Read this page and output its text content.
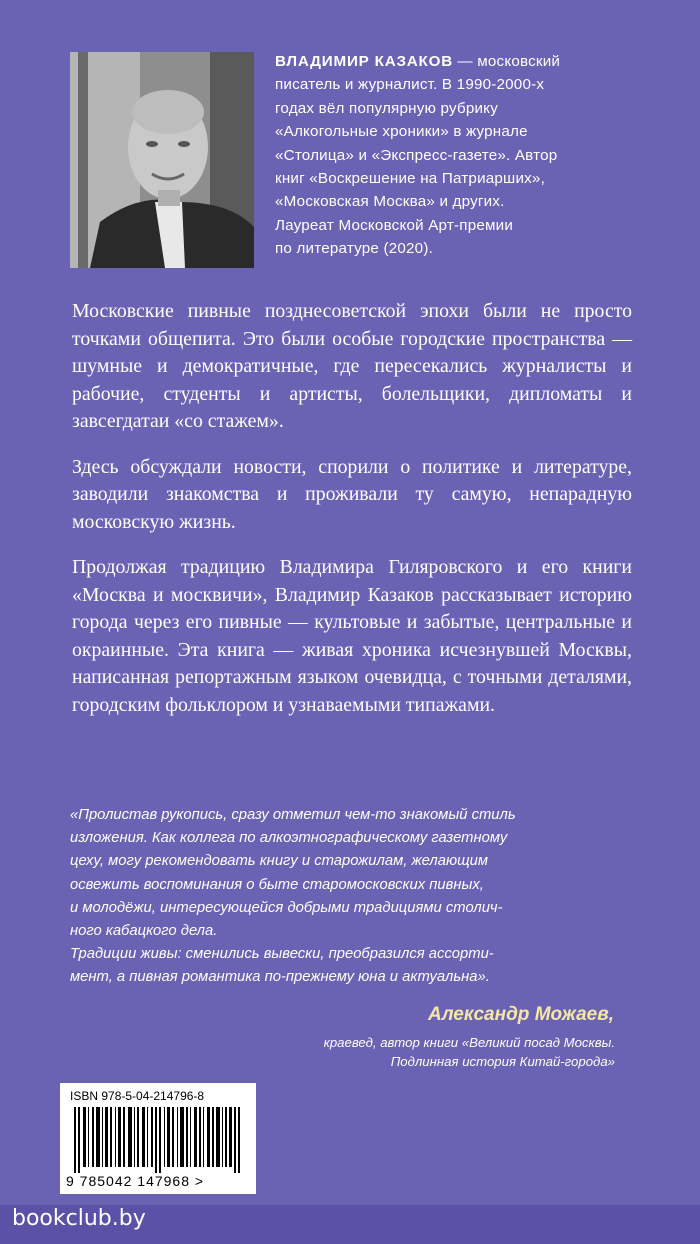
ВЛАДИМИР КАЗАКОВ — московский
писатель и журналист. В 1990-2000-х
годах вёл популярную рубрику
«Алкогольные хроники» в журнале
«Столица» и «Экспресс-газете». Автор
книг «Воскрешение на Патриарших»,
«Московская Москва» и других.
Лауреат Московской Арт-премии
по литературе (2020).

Московские пивные позднесоветской эпохи были не просто точками общепита. Это были особые городские пространства — шумные и демократичные, где пересекались журналисты и рабочие, студенты и артисты, болельщики, дипломаты и завсегдатаи «со стажем».

Здесь обсуждали новости, спорили о политике и литературе, заводили знакомства и проживали ту самую, непарадную московскую жизнь.

Продолжая традицию Владимира Гиляровского и его книги «Москва и москвичи», Владимир Казаков рассказывает историю города через его пивные — культовые и забытые, центральные и окраинные. Эта книга — живая хроника исчезнувшей Москвы, написанная репортажным языком очевидца, с точными деталями, городским фольклором и узнаваемыми типажами.

«Пролистав рукопись, сразу отметил чем-то знакомый стиль

изложения. Как коллега по алкоэтнографическому газетному

цеху, могу рекомендовать книгу и старожилам, желающим

освежить воспоминания о быте старомосковских пивных,

и молодёжи, интересующейся добрыми традициями столич-

ного кабацкого дела.

Традиции живы: сменились вывески, преобразился ассорти-

мент, а пивная романтика по-прежнему юна и актуальна».

Александр Можаев,
краевед, автор книги «Великий посад Москвы.
Подлинная история Китай-города»
ISBN 978-5-04-214796-8
9 785042 147968 >
bookclub.by
